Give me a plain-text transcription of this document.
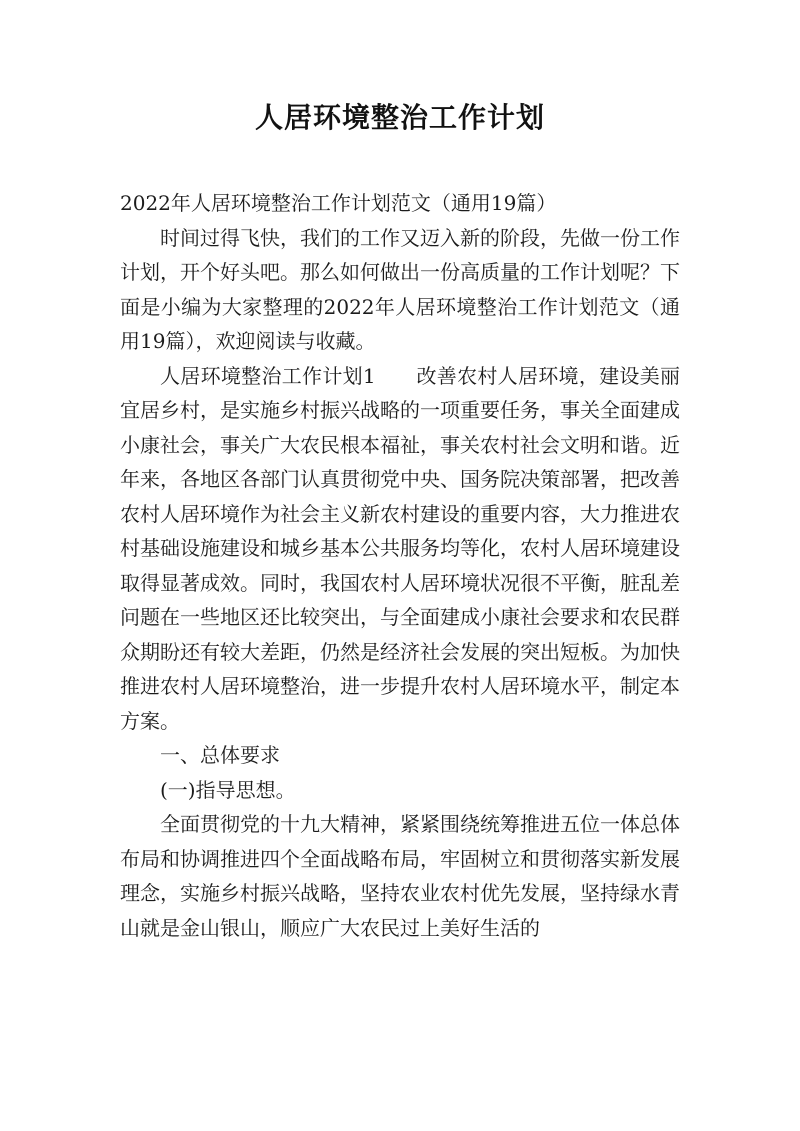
人居环境整治工作计划

2022年人居环境整治工作计划范文（通用19篇）

时间过得飞快，我们的工作又迈入新的阶段，先做一份工作计划，开个好头吧。那么如何做出一份高质量的工作计划呢？下面是小编为大家整理的2022年人居环境整治工作计划范文（通用19篇），欢迎阅读与收藏。

人居环境整治工作计划1　　改善农村人居环境，建设美丽宜居乡村，是实施乡村振兴战略的一项重要任务，事关全面建成小康社会，事关广大农民根本福祉，事关农村社会文明和谐。近年来，各地区各部门认真贯彻党中央、国务院决策部署，把改善农村人居环境作为社会主义新农村建设的重要内容，大力推进农村基础设施建设和城乡基本公共服务均等化，农村人居环境建设取得显著成效。同时，我国农村人居环境状况很不平衡，脏乱差问题在一些地区还比较突出，与全面建成小康社会要求和农民群众期盼还有较大差距，仍然是经济社会发展的突出短板。为加快推进农村人居环境整治，进一步提升农村人居环境水平，制定本方案。

一、总体要求

(一)指导思想。

全面贯彻党的十九大精神，紧紧围绕统筹推进五位一体总体布局和协调推进四个全面战略布局，牢固树立和贯彻落实新发展理念，实施乡村振兴战略，坚持农业农村优先发展，坚持绿水青山就是金山银山，顺应广大农民过上美好生活的
